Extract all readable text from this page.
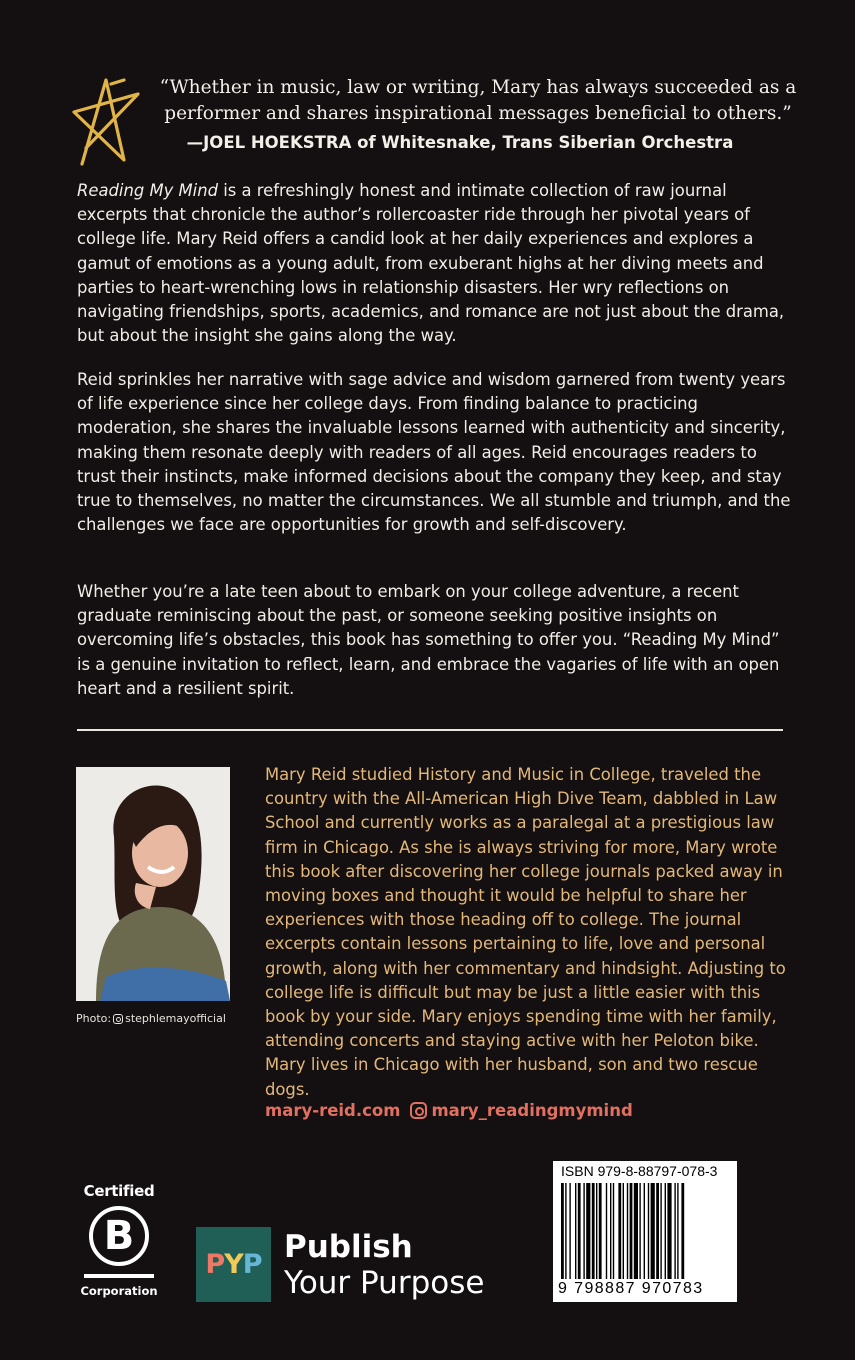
“Whether in music, law or writing, Mary has always succeeded as a performer and shares inspirational messages beneficial to others.”
—JOEL HOEKSTRA of Whitesnake, Trans Siberian Orchestra

Reading My Mind is a refreshingly honest and intimate collection of raw journal excerpts that chronicle the author’s rollercoaster ride through her pivotal years of college life. Mary Reid offers a candid look at her daily experiences and explores a gamut of emotions as a young adult, from exuberant highs at her diving meets and parties to heart-wrenching lows in relationship disasters. Her wry reflections on navigating friendships, sports, academics, and romance are not just about the drama, but about the insight she gains along the way.

Reid sprinkles her narrative with sage advice and wisdom garnered from twenty years of life experience since her college days. From finding balance to practicing moderation, she shares the invaluable lessons learned with authenticity and sincerity, making them resonate deeply with readers of all ages. Reid encourages readers to trust their instincts, make informed decisions about the company they keep, and stay true to themselves, no matter the circumstances. We all stumble and triumph, and the challenges we face are opportunities for growth and self-discovery.

Whether you’re a late teen about to embark on your college adventure, a recent graduate reminiscing about the past, or someone seeking positive insights on overcoming life’s obstacles, this book has something to offer you. “Reading My Mind” is a genuine invitation to reflect, learn, and embrace the vagaries of life with an open heart and a resilient spirit.

Photo: stephlemayofficial

Mary Reid studied History and Music in College, traveled the country with the All-American High Dive Team, dabbled in Law School and currently works as a paralegal at a prestigious law firm in Chicago. As she is always striving for more, Mary wrote this book after discovering her college journals packed away in moving boxes and thought it would be helpful to share her experiences with those heading off to college. The journal excerpts contain lessons pertaining to life, love and personal growth, along with her commentary and hindsight. Adjusting to college life is difficult but may be just a little easier with this book by your side. Mary enjoys spending time with her family, attending concerts and staying active with her Peloton bike. Mary lives in Chicago with her husband, son and two rescue dogs.

mary-reid.com mary_readingmymind
Certified
B
Corporation
P Y P Publish
Your Purpose
ISBN 979-8-88797-078-3
9 798887 970783
